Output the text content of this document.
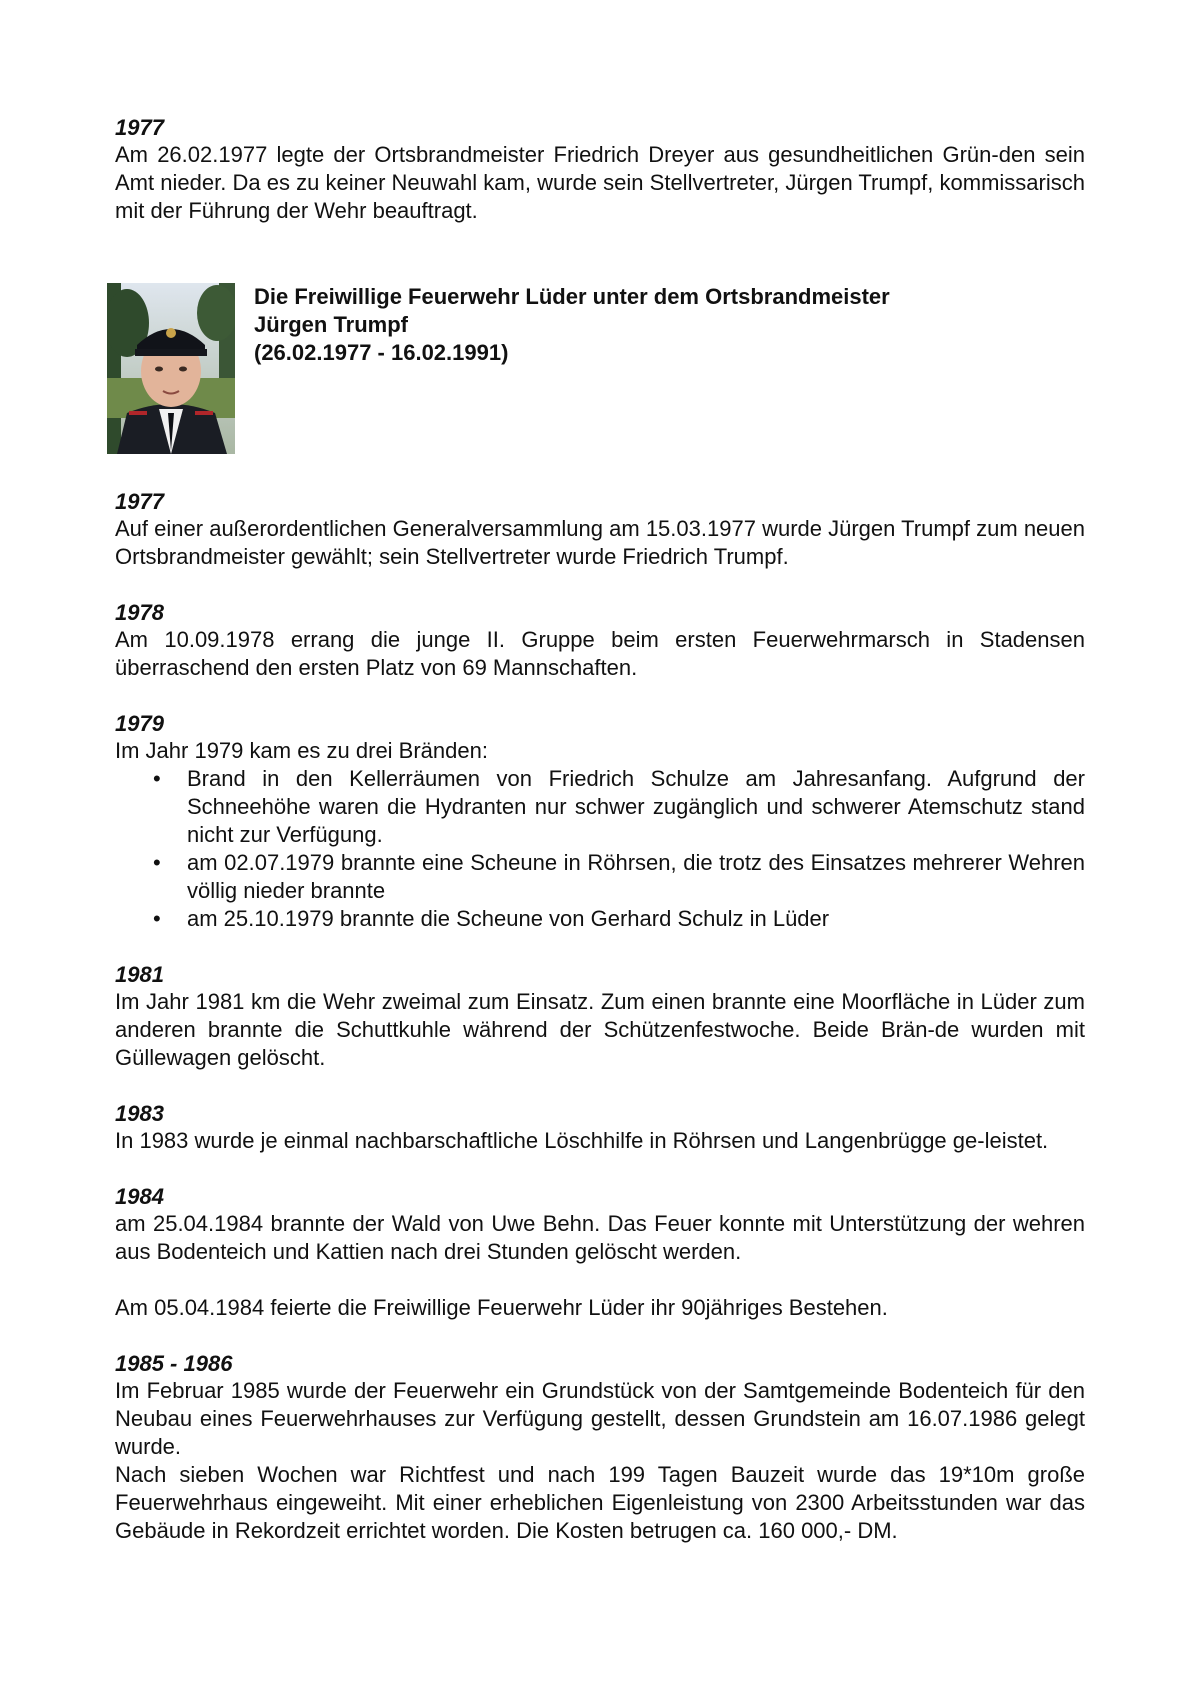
1977
Am 26.02.1977 legte der Ortsbrandmeister Friedrich Dreyer aus gesundheitlichen Grün-den sein Amt nieder. Da es zu keiner Neuwahl kam, wurde sein Stellvertreter, Jürgen Trumpf, kommissarisch mit der Führung der Wehr beauftragt.
Die Freiwillige Feuerwehr Lüder unter dem Ortsbrandmeister
Jürgen Trumpf
(26.02.1977 - 16.02.1991)
1977
Auf einer außerordentlichen Generalversammlung am 15.03.1977 wurde Jürgen Trumpf zum neuen Ortsbrandmeister gewählt; sein Stellvertreter wurde Friedrich Trumpf.
1978
Am 10.09.1978 errang die junge II. Gruppe beim ersten Feuerwehrmarsch in Stadensen überraschend den ersten Platz von 69 Mannschaften.
1979
Im Jahr 1979 kam es zu drei Bränden:
• Brand in den Kellerräumen von Friedrich Schulze am Jahresanfang. Aufgrund der Schneehöhe waren die Hydranten nur schwer zugänglich und schwerer Atemschutz stand nicht zur Verfügung.
• am 02.07.1979 brannte eine Scheune in Röhrsen, die trotz des Einsatzes mehrerer Wehren völlig nieder brannte
• am 25.10.1979 brannte die Scheune von Gerhard Schulz in Lüder
1981
Im Jahr 1981 km die Wehr zweimal zum Einsatz. Zum einen brannte eine Moorfläche in Lüder zum anderen brannte die Schuttkuhle während der Schützenfestwoche. Beide Brän-de wurden mit Güllewagen gelöscht.
1983
In 1983 wurde je einmal nachbarschaftliche Löschhilfe in Röhrsen und Langenbrügge ge-leistet.
1984
am 25.04.1984 brannte der Wald von Uwe Behn. Das Feuer konnte mit Unterstützung der wehren aus Bodenteich und Kattien nach drei Stunden gelöscht werden.
Am 05.04.1984 feierte die Freiwillige Feuerwehr Lüder ihr 90jähriges Bestehen.
1985 - 1986
Im Februar 1985 wurde der Feuerwehr ein Grundstück von der Samtgemeinde Bodenteich für den Neubau eines Feuerwehrhauses zur Verfügung gestellt, dessen Grundstein am 16.07.1986 gelegt wurde.
Nach sieben Wochen war Richtfest und nach 199 Tagen Bauzeit wurde das 19*10m große Feuerwehrhaus eingeweiht. Mit einer erheblichen Eigenleistung von 2300 Arbeitsstunden war das Gebäude in Rekordzeit errichtet worden. Die Kosten betrugen ca. 160 000,- DM.
